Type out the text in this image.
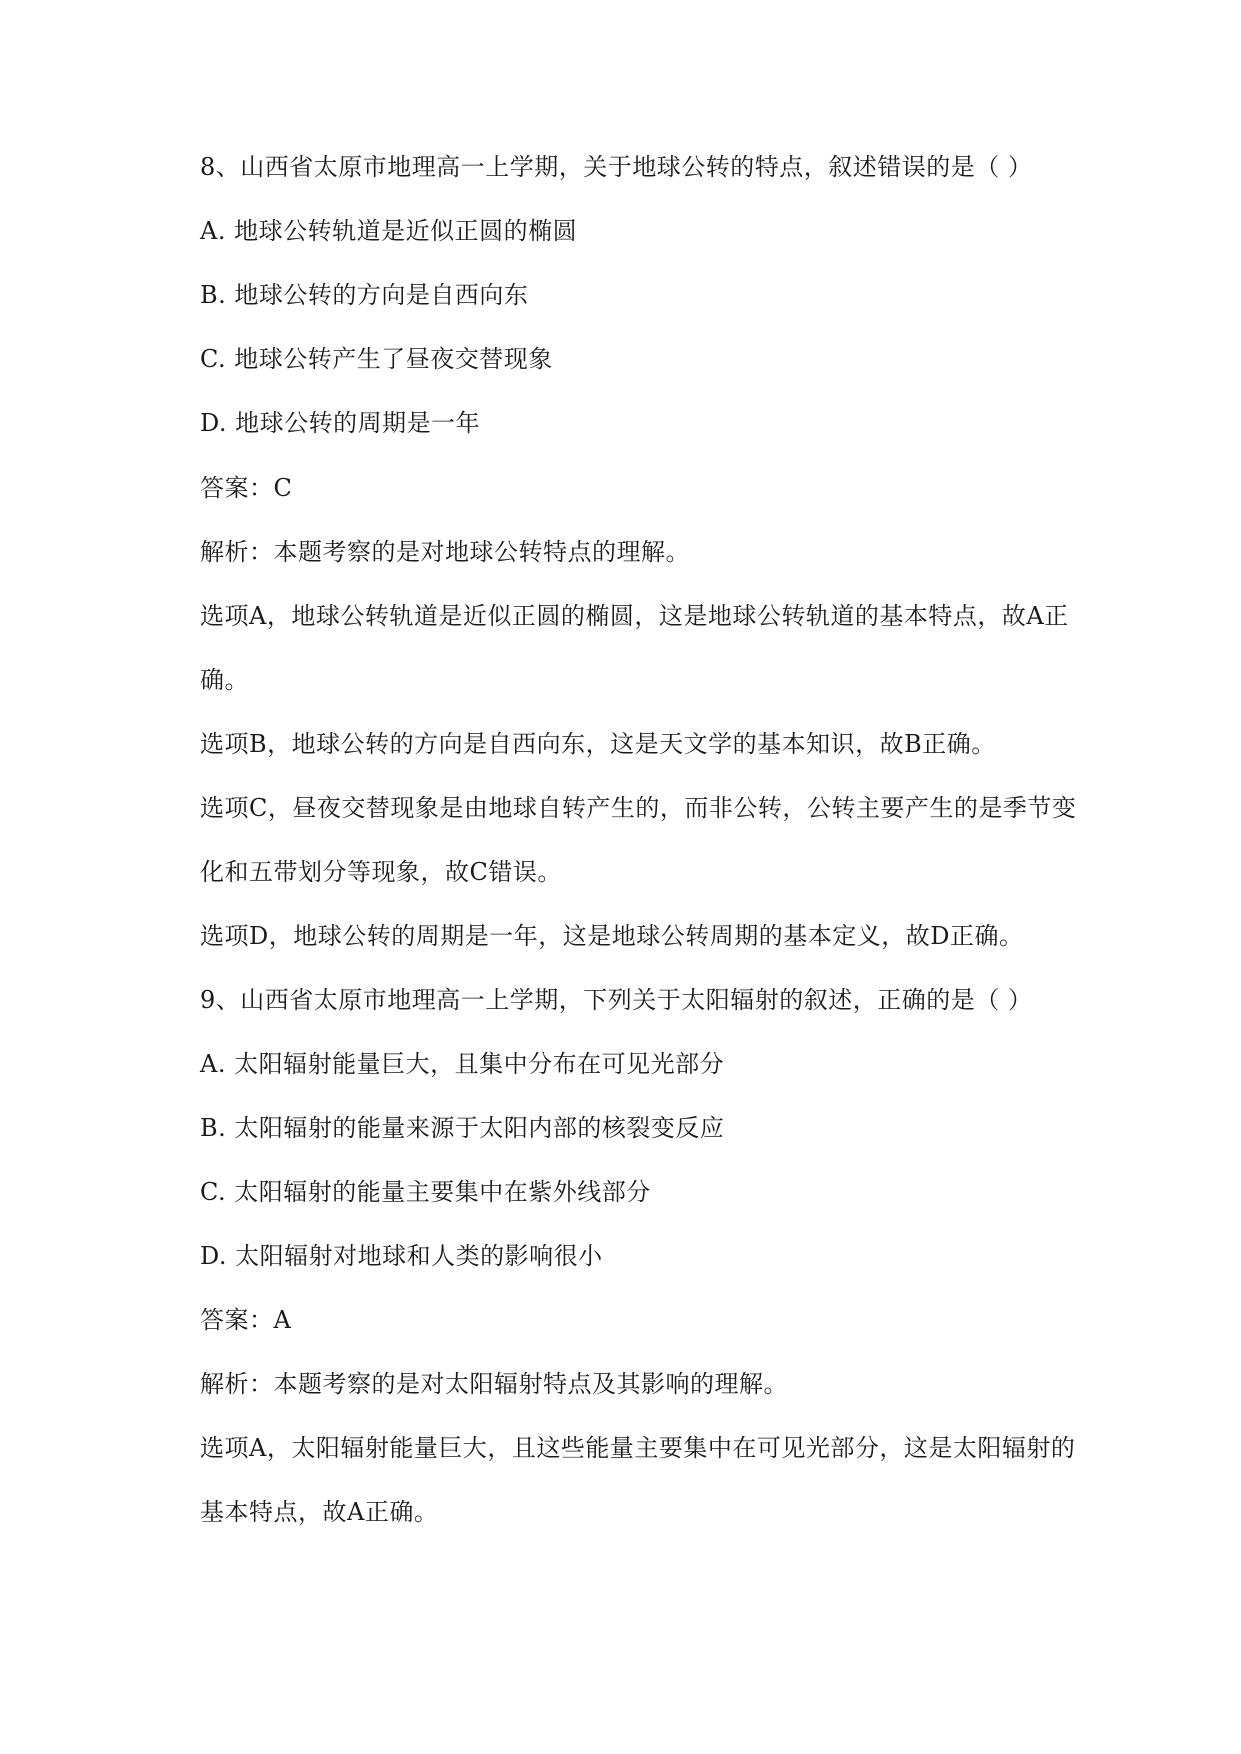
8、山西省太原市地理高一上学期，关于地球公转的特点，叙述错误的是（ ）
A. 地球公转轨道是近似正圆的椭圆
B. 地球公转的方向是自西向东
C. 地球公转产生了昼夜交替现象
D. 地球公转的周期是一年
答案：C
解析：本题考察的是对地球公转特点的理解。
选项A，地球公转轨道是近似正圆的椭圆，这是地球公转轨道的基本特点，故A正
确。
选项B，地球公转的方向是自西向东，这是天文学的基本知识，故B正确。
选项C，昼夜交替现象是由地球自转产生的，而非公转，公转主要产生的是季节变
化和五带划分等现象，故C错误。
选项D，地球公转的周期是一年，这是地球公转周期的基本定义，故D正确。
9、山西省太原市地理高一上学期，下列关于太阳辐射的叙述，正确的是（ ）
A. 太阳辐射能量巨大，且集中分布在可见光部分
B. 太阳辐射的能量来源于太阳内部的核裂变反应
C. 太阳辐射的能量主要集中在紫外线部分
D. 太阳辐射对地球和人类的影响很小
答案：A
解析：本题考察的是对太阳辐射特点及其影响的理解。
选项A，太阳辐射能量巨大，且这些能量主要集中在可见光部分，这是太阳辐射的
基本特点，故A正确。
